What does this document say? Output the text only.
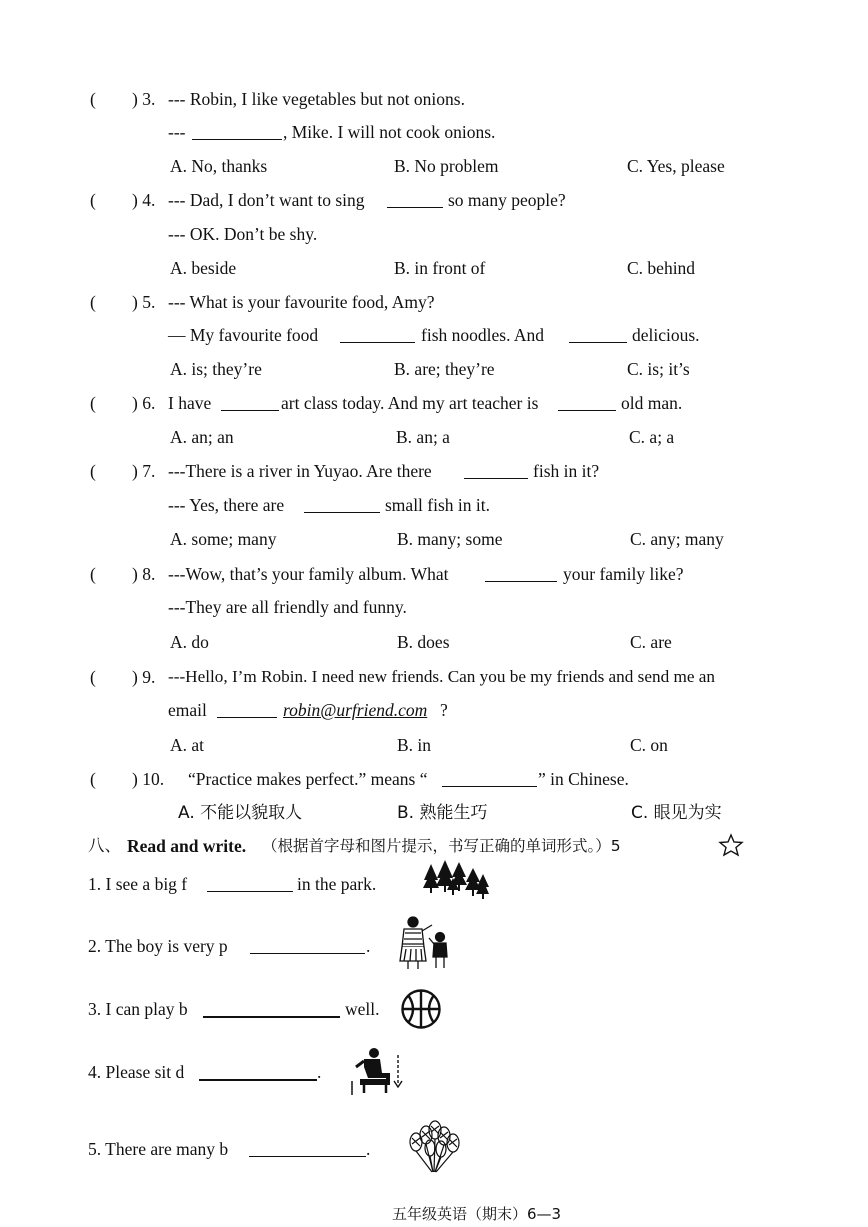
( ) 3. --- Robin, I like vegetables but not onions.
---	, Mike. I will not cook onions.
A. No, thanks	B. No problem	C. Yes, please
( ) 4. --- Dad, I don’t want to sing	so many people?
--- OK. Don’t be shy.
A. beside	B. in front of	C. behind
( ) 5. --- What is your favourite food, Amy?
— My favourite food	fish noodles. And	delicious.
A. is; they’re	B. are; they’re	C. is; it’s
( ) 6. I have	art class today. And my art teacher is	old man.
A. an; an	B. an; a	C. a; a
( ) 7. ---There is a river in Yuyao. Are there	fish in it?
--- Yes, there are	small fish in it.
A. some; many	B. many; some	C. any; many
( ) 8. ---Wow, that’s your family album. What	your family like?
---They are all friendly and funny.
A. do	B. does	C. are
( ) 9. ---Hello, I’m Robin. I need new friends. Can you be my friends and send me an
email	robin@urfriend.com ?
A. at	B. in	C. on
( ) 10. “Practice makes perfect.” means “	” in Chinese.
A. 不能以貌取人	B. 熟能生巧	C. 眼见为实
八、 Read and write. （根据首字母和图片提示，书写正确的单词形式。）5
1. I see a big f	in the park.
2. The boy is very p	.
3. I can play b	well.
4. Please sit d	.
5. There are many b	.
五年级英语（期末）6—3
